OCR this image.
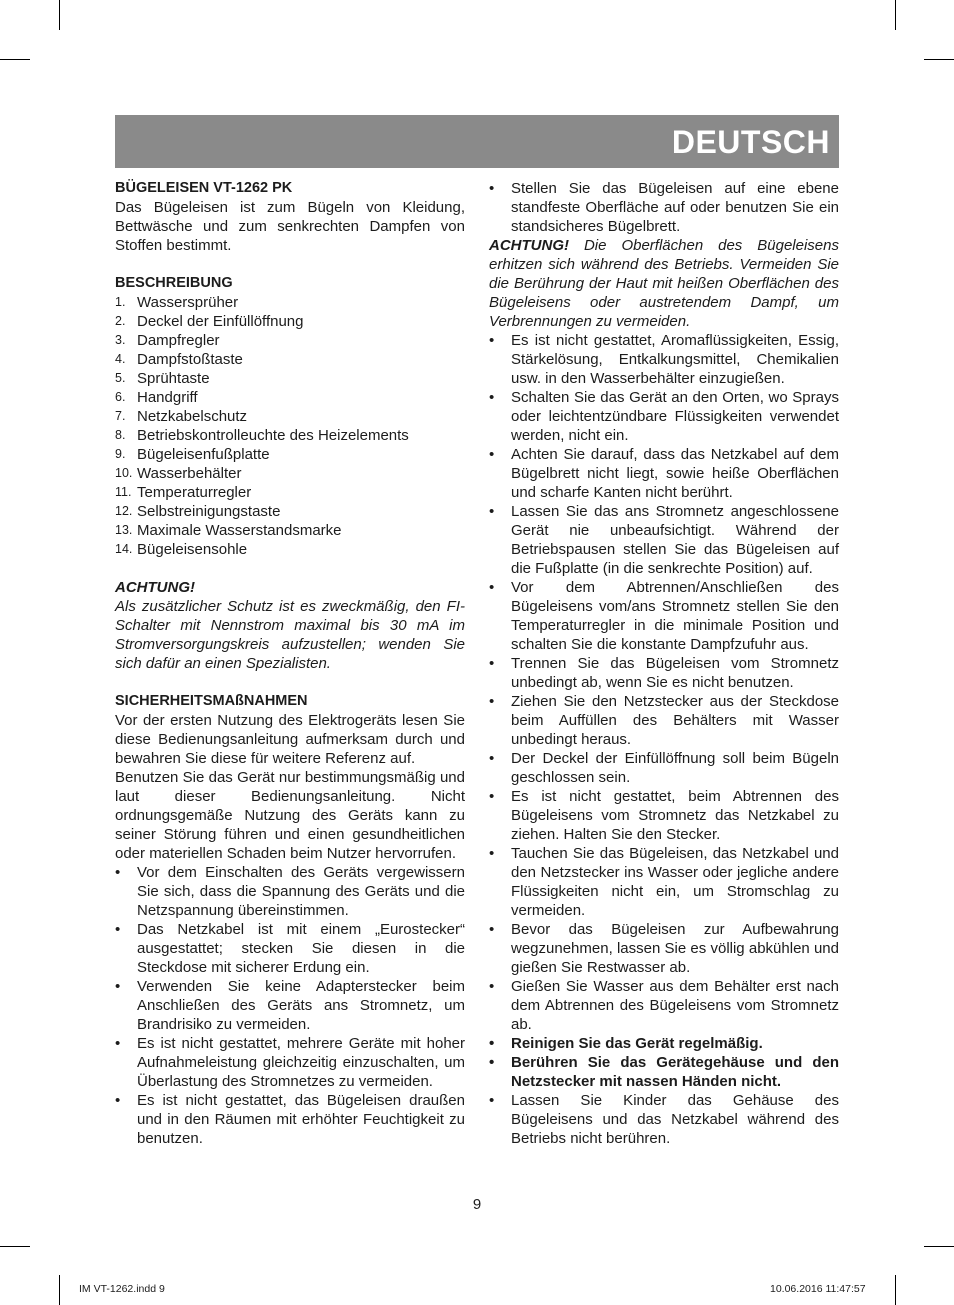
DEUTSCH

BÜGELEISEN VT-1262 PK

Das Bügeleisen ist zum Bügeln von Kleidung, Bettwäsche und zum senkrechten Dampfen von Stoffen bestimmt.

BESCHREIBUNG

1. Wassersprüher
2. Deckel der Einfüllöffnung
3. Dampfregler
4. Dampfstoßtaste
5. Sprühtaste
6. Handgriff
7. Netzkabelschutz
8. Betriebskontrolleuchte des Heizelements
9. Bügeleisenfußplatte
10. Wasserbehälter
11. Temperaturregler
12. Selbstreinigungstaste
13. Maximale Wasserstandsmarke
14. Bügeleisensohle

ACHTUNG!

Als zusätzlicher Schutz ist es zweckmäßig, den FI-Schalter mit Nennstrom maximal bis 30 mA im Stromversorgungskreis aufzustellen; wenden Sie sich dafür an einen Spezialisten.

SICHERHEITSMAßNAHMEN

Vor der ersten Nutzung des Elektrogeräts lesen Sie diese Bedienungsanleitung aufmerksam durch und bewahren Sie diese für weitere Referenz auf.

Benutzen Sie das Gerät nur bestimmungsmäßig und laut dieser Bedienungsanleitung. Nicht ordnungsgemäße Nutzung des Geräts kann zu seiner Störung führen und einen gesundheitlichen oder materiellen Schaden beim Nutzer hervorrufen.

•	Vor dem Einschalten des Geräts vergewissern Sie sich, dass die Spannung des Geräts und die Netzspannung übereinstimmen.
•	Das Netzkabel ist mit einem „Eurostecker“ ausgestattet; stecken Sie diesen in die Steckdose mit sicherer Erdung ein.
•	Verwenden Sie keine Adapterstecker beim Anschließen des Geräts ans Stromnetz, um Brandrisiko zu vermeiden.
•	Es ist nicht gestattet, mehrere Geräte mit hoher Aufnahmeleistung gleichzeitig einzuschalten, um Überlastung des Stromnetzes zu vermeiden.
•	Es ist nicht gestattet, das Bügeleisen draußen und in den Räumen mit erhöhter Feuchtigkeit zu benutzen.
•	Stellen Sie das Bügeleisen auf eine ebene standfeste Oberfläche auf oder benutzen Sie ein standsicheres Bügelbrett.

ACHTUNG! Die Oberflächen des Bügeleisens erhitzen sich während des Betriebs. Vermeiden Sie die Berührung der Haut mit heißen Oberflächen des Bügeleisens oder austretendem Dampf, um Verbrennungen zu vermeiden.

•	Es ist nicht gestattet, Aromaflüssigkeiten, Essig, Stärkelösung, Entkalkungsmittel, Chemikalien usw. in den Wasserbehälter einzugießen.
•	Schalten Sie das Gerät an den Orten, wo Sprays oder leichtentzündbare Flüssigkeiten verwendet werden, nicht ein.
•	Achten Sie darauf, dass das Netzkabel auf dem Bügelbrett nicht liegt, sowie heiße Oberflächen und scharfe Kanten nicht berührt.
•	Lassen Sie das ans Stromnetz angeschlossene Gerät nie unbeaufsichtigt. Während der Betriebspausen stellen Sie das Bügeleisen auf die Fußplatte (in die senkrechte Position) auf.
•	Vor dem Abtrennen/Anschließen des Bügeleisens vom/ans Stromnetz stellen Sie den Temperaturregler in die minimale Position und schalten Sie die konstante Dampfzufuhr aus.
•	Trennen Sie das Bügeleisen vom Stromnetz unbedingt ab, wenn Sie es nicht benutzen.
•	Ziehen Sie den Netzstecker aus der Steckdose beim Auffüllen des Behälters mit Wasser unbedingt heraus.
•	Der Deckel der Einfüllöffnung soll beim Bügeln geschlossen sein.
•	Es ist nicht gestattet, beim Abtrennen des Bügeleisens vom Stromnetz das Netzkabel zu ziehen. Halten Sie den Stecker.
•	Tauchen Sie das Bügeleisen, das Netzkabel und den Netzstecker ins Wasser oder jegliche andere Flüssigkeiten nicht ein, um Stromschlag zu vermeiden.
•	Bevor das Bügeleisen zur Aufbewahrung wegzunehmen, lassen Sie es völlig abkühlen und gießen Sie Restwasser ab.
•	Gießen Sie Wasser aus dem Behälter erst nach dem Abtrennen des Bügeleisens vom Stromnetz ab.
•	Reinigen Sie das Gerät regelmäßig.
•	Berühren Sie das Gerätegehäuse und den Netzstecker mit nassen Händen nicht.
•	Lassen Sie Kinder das Gehäuse des Bügeleisens und das Netzkabel während des Betriebs nicht berühren.
9
IM VT-1262.indd 9	10.06.2016 11:47:57
